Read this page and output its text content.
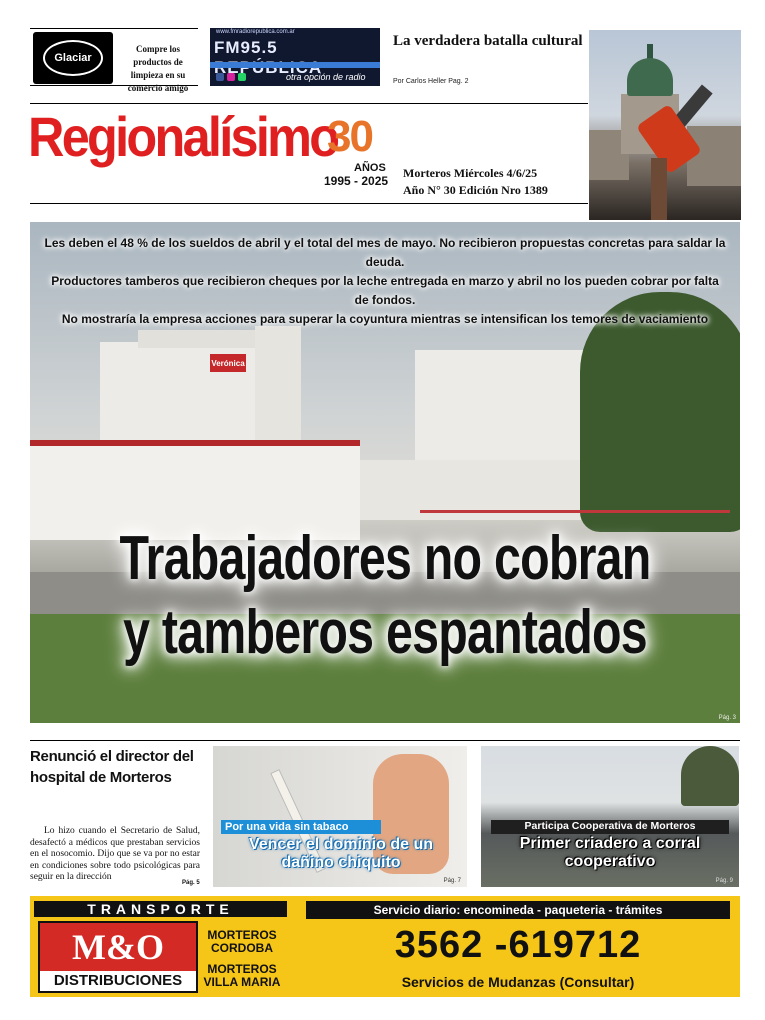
Glaciar
Compre los productos de limpieza en su comercio amigo
www.fmradiorepublica.com.ar
FM95.5
otra opción de radio
La verdadera batalla cultural
Por Carlos Heller Pag. 2
Regionalísimo
30
AÑOS
1995 - 2025
Morteros Miércoles 4/6/25
Año N° 30 Edición Nro 1389
Verónica
Les deben el 48 % de los sueldos de abril y el total del mes de mayo. No recibieron propuestas concretas para saldar la deuda.
Productores tamberos que recibieron cheques por la leche entregada en marzo y abril no los pueden cobrar por falta de fondos.
No mostraría la empresa acciones para superar la coyuntura mientras se intensifican los temores de vaciamiento
Trabajadores no cobran
y tamberos espantados
Pág. 3
Renunció el director del hospital de Morteros
Lo hizo cuando el Secretario de Salud, desafectó a médicos que prestaban servicios en el nosocomio. Dijo que se va por no estar en condiciones sobre todo psicológicas para seguir en la dirección
Pág. 5
Por una vida sin tabaco
Vencer el dominio de un dañino chiquito
Pág. 7
Participa Cooperativa de Morteros
Primer criadero a corral cooperativo
Pág. 9
TRANSPORTE
M&O
DISTRIBUCIONES
MORTEROS
CORDOBA
MORTEROS
VILLA MARIA
Servicio diario: encomineda - paqueteria - trámites
3562 -619712
Servicios de Mudanzas (Consultar)
